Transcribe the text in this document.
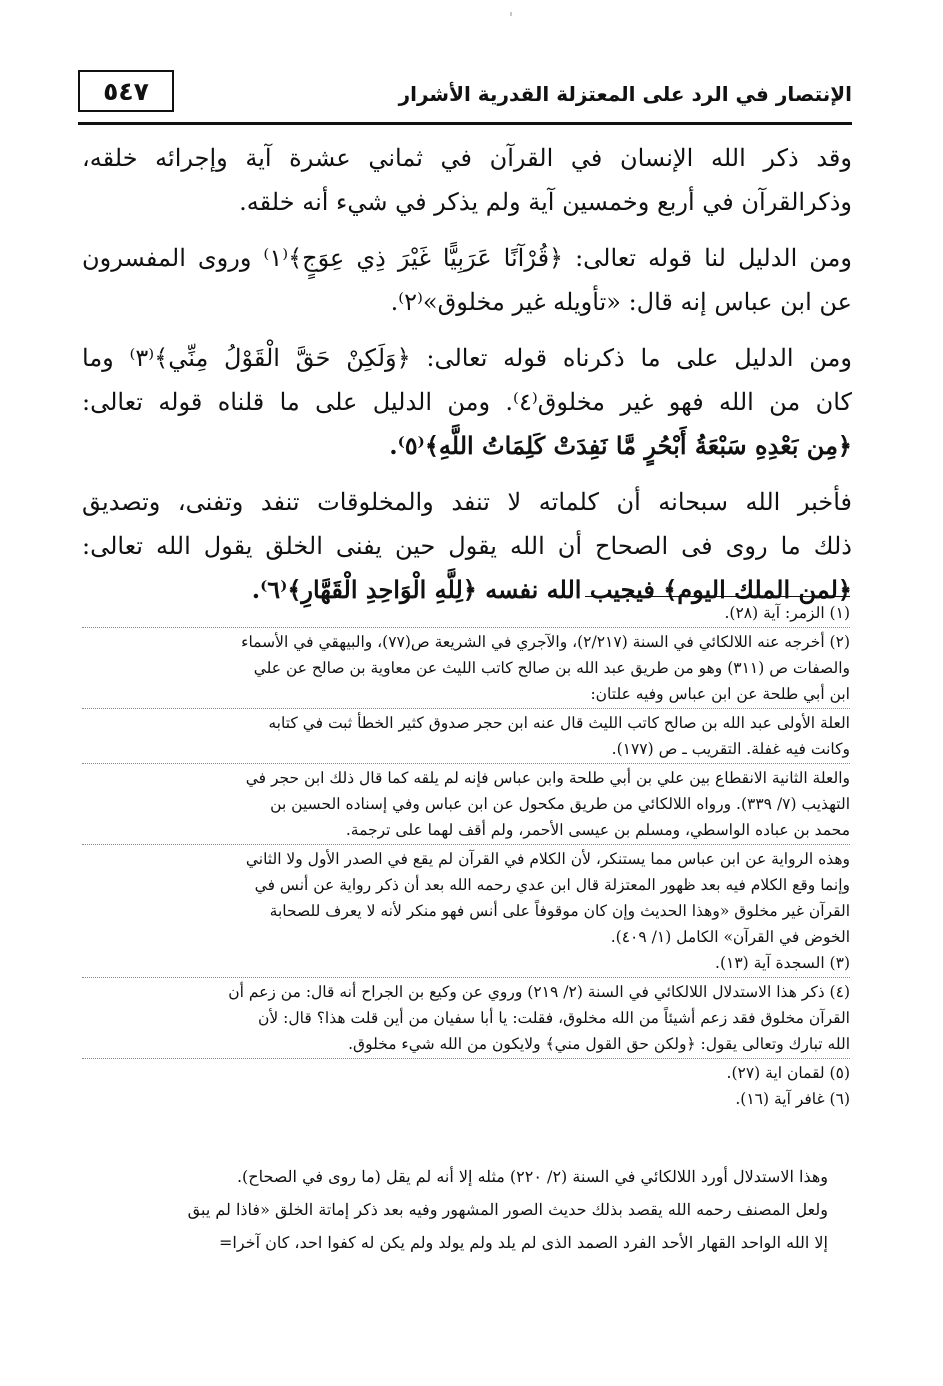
٥٤٧	الإنتصار في الرد على المعتزلة القدرية الأشرار

وقد ذكر الله الإنسان في القرآن في ثماني عشرة آية وإجرائه خلقه،
وذكرالقرآن في أربع وخمسين آية ولم يذكر في شيء أنه خلقه.

ومن الدليل لنا قوله تعالى: ﴿قُرْآنًا عَرَبِيًّا غَيْرَ ذِي عِوَجٍ﴾⁽١⁾ وروى المفسرون
عن ابن عباس إنه قال: «تأويله غير مخلوق»⁽٢⁾.

ومن الدليل على ما ذكرناه قوله تعالى: ﴿وَلَكِنْ حَقَّ الْقَوْلُ مِنِّي﴾⁽٣⁾ وما
كان من الله فهو غير مخلوق⁽٤⁾. ومن الدليل على ما قلناه قوله تعالى:
﴿مِن بَعْدِهِ سَبْعَةُ أَبْحُرٍ مَّا نَفِدَتْ كَلِمَاتُ اللَّهِ﴾⁽٥⁾.

فأخبر الله سبحانه أن كلماته لا تنفد والمخلوقات تنفد وتفنى، وتصديق
ذلك ما روى فى الصحاح أن الله يقول حين يفنى الخلق يقول الله تعالى:
﴿لمن الملك اليوم﴾ فيجيب الله نفسه ﴿لِلَّهِ الْوَاحِدِ الْقَهَّارِ﴾⁽٦⁾.

(١) الزمر: آية (٢٨).
(٢) أخرجه عنه اللالكائي في السنة (٢/٢١٧)، والآجري في الشريعة ص(٧٧)، والبيهقي في الأسماء
والصفات ص (٣١١) وهو من طريق عبد الله بن صالح كاتب الليث عن معاوية بن صالح عن علي
ابن أبي طلحة عن ابن عباس وفيه علتان:
العلة الأولى عبد الله بن صالح كاتب الليث قال عنه ابن حجر صدوق كثير الخطأ ثبت في كتابه
وكانت فيه غفلة. التقريب ـ ص (١٧٧).
والعلة الثانية الانقطاع بين علي بن أبي طلحة وابن عباس فإنه لم يلقه كما قال ذلك ابن حجر في
التهذيب (٧/ ٣٣٩). ورواه اللالكائي من طريق مكحول عن ابن عباس وفي إسناده الحسين بن
محمد بن عباده الواسطي، ومسلم بن عيسى الأحمر، ولم أقف لهما على ترجمة.
وهذه الرواية عن ابن عباس مما يستنكر، لأن الكلام في القرآن لم يقع في الصدر الأول ولا الثاني
وإنما وقع الكلام فيه بعد ظهور المعتزلة قال ابن عدي رحمه الله بعد أن ذكر رواية عن أنس في
القرآن غير مخلوق «وهذا الحديث وإن كان موقوفاً على أنس فهو منكر لأنه لا يعرف للصحابة
الخوض في القرآن» الكامل (١/ ٤٠٩).
(٣) السجدة آية (١٣).
(٤) ذكر هذا الاستدلال اللالكائي في السنة (٢/ ٢١٩) وروي عن وكيع بن الجراح أنه قال: من زعم أن
القرآن مخلوق فقد زعم أشيئاً من الله مخلوق، فقلت: يا أبا سفيان من أين قلت هذا؟ قال: لأن
الله تبارك وتعالى يقول: ﴿ولكن حق القول مني﴾ ولايكون من الله شيء مخلوق.
(٥) لقمان اية (٢٧).
(٦) غافر آية (١٦).
وهذا الاستدلال أورد اللالكائي في السنة (٢/ ٢٢٠) مثله إلا أنه لم يقل (ما روى في الصحاح).
ولعل المصنف رحمه الله يقصد بذلك حديث الصور المشهور وفيه بعد ذكر إماتة الخلق «فاذا لم يبق
إلا الله الواحد القهار الأحد الفرد الصمد الذى لم يلد ولم يولد ولم يكن له كفوا احد، كان آخرا=
